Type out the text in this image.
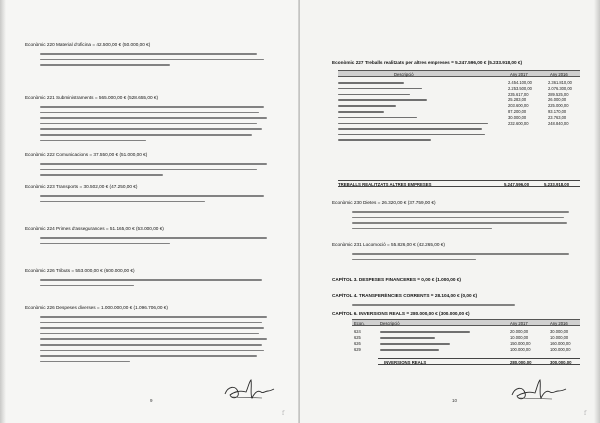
Econòmic 220 Material d'oficina = 42.500,00 € (50.000,00 €)
Econòmic 221 Subministraments = 565.000,00 € (528.655,00 €)
Econòmic 222 Comunicacions = 37.550,00 € (51.000,00 €)
Econòmic 223 Transports = 30.502,00 € (47.250,00 €)
Econòmic 224 Primes d'assegurances = 51.165,00 € (53.000,00 €)
Econòmic 226 Tributs = 553.000,00 € (600.000,00 €)
Econòmic 226 Despeses diverses = 1.000.000,00 € (1.096.706,00 €)
9
f
Econòmic 227 Treballs realitzats per altres empreses = 5.247.596,00 € (5.233.918,00 €)
Descripció	Any 2017	Any 2016
2.454.100,00	2.361.810,00
2.253.500,00	2.076.300,00
235.617,00	289.525,00
25.283,00	26.000,00
203.600,00	225.000,00
87.200,00	93.170,00
30.000,00	23.763,00
232.600,00	248.840,00
TREBALLS REALITZATS ALTRES EMPRESES	5.247.596,00	5.233.918,00
Econòmic 230 Dietes = 26.320,00 € (37.759,00 €)
Econòmic 231 Locomoció = 55.826,00 € (42.265,00 €)
CAPÍTOL 3. DESPESES FINANCERES = 0,00 € (1.000,00 €)
CAPÍTOL 4. TRANSFERÈNCIES CORRENTS = 28.104,00 € (0,00 €)
CAPÍTOL 6. INVERSIONS REALS = 280.000,00 € (300.000,00 €)
Econ.	Descripció	Any 2017	Any 2016
624	20.000,00	30.000,00
625	10.000,00	10.000,00
626	150.000,00	160.000,00
629	100.000,00	100.000,00
INVERSIONS REALS	280.000,00	300.000,00
10
f
